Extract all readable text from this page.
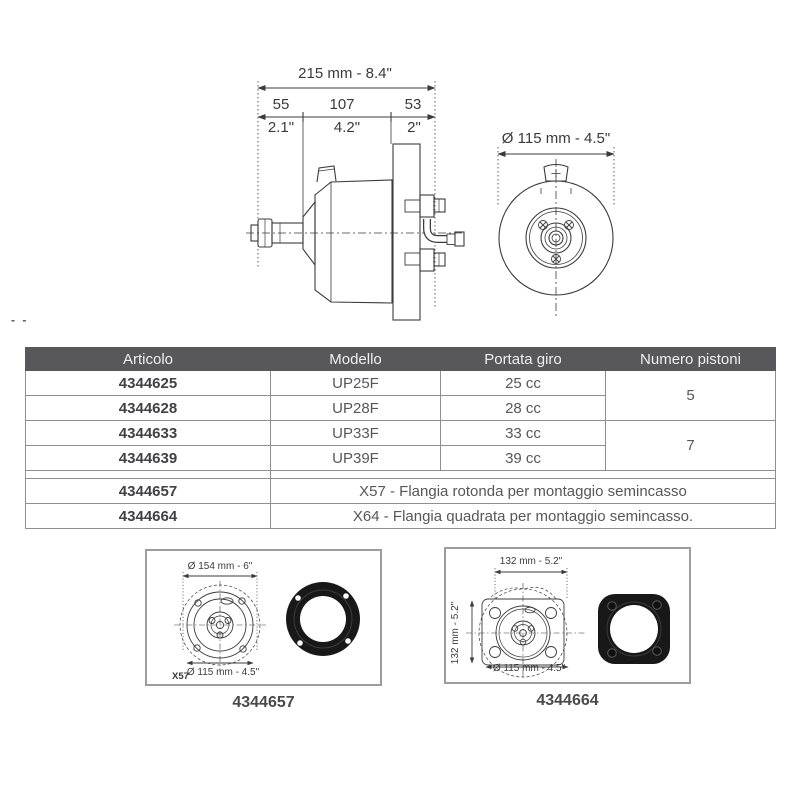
215 mm - 8.4"
55	107	53
2.1"	4.2"	2"
Ø 115 mm - 4.5"
- -
Articolo	Modello	Portata giro	Numero pistoni
4344625	UP25F	25 cc	5
4344628	UP28F	28 cc	
4344633	UP33F	33 cc	7
4344639	UP39F	39 cc	

4344657	X57 - Flangia rotonda per montaggio semincasso		
4344664	X64 - Flangia quadrata per montaggio semincasso.		
Ø 154 mm - 6"
Ø 115 mm - 4.5"
X57
4344657
132 mm - 5.2"
132 mm - 5.2"
Ø 115 mm - 4.5"
4344664
